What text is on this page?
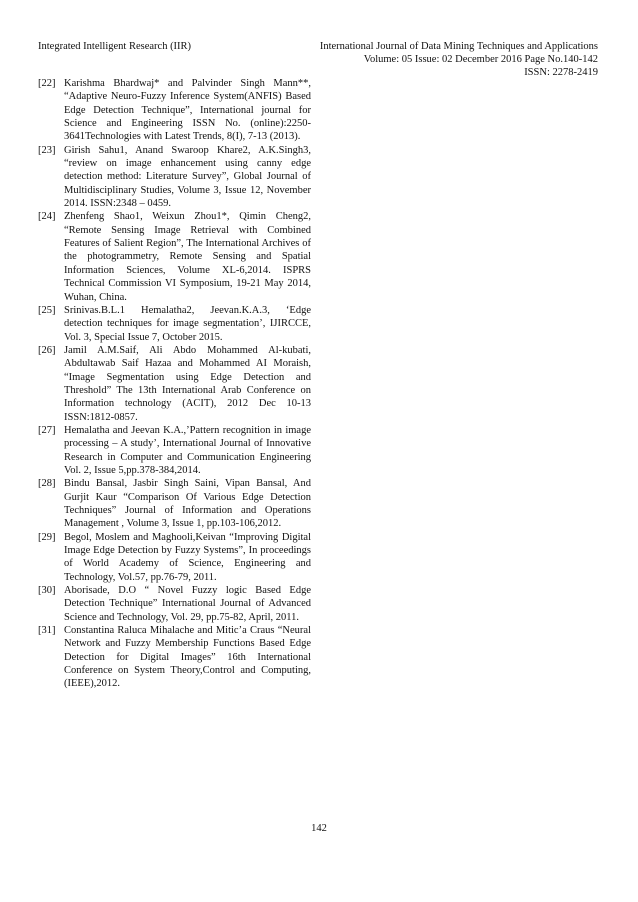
Integrated Intelligent Research (IIR)	International Journal of Data Mining Techniques and Applications
Volume: 05 Issue: 02 December 2016 Page No.140-142
ISSN: 2278-2419
[22] Karishma Bhardwaj* and Palvinder Singh Mann**, “Adaptive Neuro-Fuzzy Inference System(ANFIS) Based Edge Detection Technique”, International journal for Science and Engineering ISSN No. (online):2250-3641Technologies with Latest Trends, 8(I), 7-13 (2013).
[23] Girish Sahu1, Anand Swaroop Khare2, A.K.Singh3, “review on image enhancement using canny edge detection method: Literature Survey”, Global Journal of Multidisciplinary Studies, Volume 3, Issue 12, November 2014. ISSN:2348 – 0459.
[24] Zhenfeng Shao1, Weixun Zhou1*, Qimin Cheng2, “Remote Sensing Image Retrieval with Combined Features of Salient Region”, The International Archives of the photogrammetry, Remote Sensing and Spatial Information Sciences, Volume XL-6,2014. ISPRS Technical Commission VI Symposium, 19-21 May 2014, Wuhan, China.
[25] Srinivas.B.L.1 Hemalatha2, Jeevan.K.A.3, ‘Edge detection techniques for image segmentation’, IJIRCCE, Vol. 3, Special Issue 7, October 2015.
[26] Jamil A.M.Saif, Ali Abdo Mohammed Al-kubati, Abdultawab Saif Hazaa and Mohammed AI Moraish, “Image Segmentation using Edge Detection and Threshold” The 13th International Arab Conference on Information technology (ACIT), 2012 Dec 10-13 ISSN:1812-0857.
[27] Hemalatha and Jeevan K.A.,’Pattern recognition in image processing – A study’, International Journal of Innovative Research in Computer and Communication Engineering Vol. 2, Issue 5,pp.378-384,2014.
[28] Bindu Bansal, Jasbir Singh Saini, Vipan Bansal, And Gurjit Kaur “Comparison Of Various Edge Detection Techniques” Journal of Information and Operations Management , Volume 3, Issue 1, pp.103-106,2012.
[29] Begol, Moslem and Maghooli,Keivan “Improving Digital Image Edge Detection by Fuzzy Systems”, In proceedings of World Academy of Science, Engineering and Technology, Vol.57, pp.76-79, 2011.
[30] Aborisade, D.O “ Novel Fuzzy logic Based Edge Detection Technique” International Journal of Advanced Science and Technology, Vol. 29, pp.75-82, April, 2011.
[31] Constantina Raluca Mihalache and Mitic’a Craus “Neural Network and Fuzzy Membership Functions Based Edge Detection for Digital Images” 16th International Conference on System Theory,Control and Computing,(IEEE),2012.
142
